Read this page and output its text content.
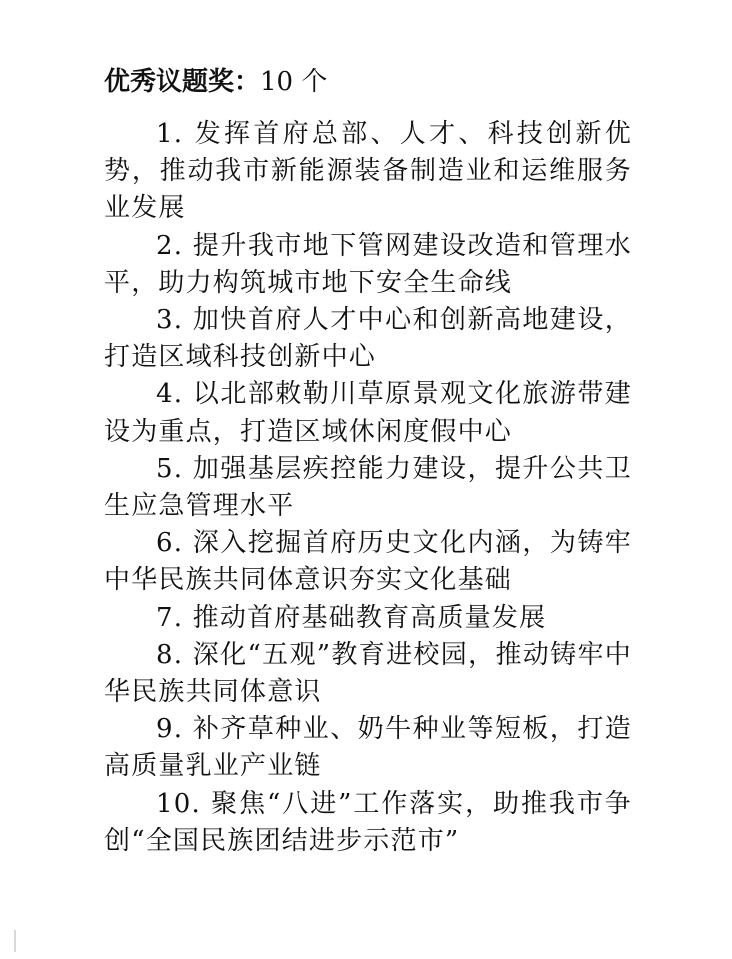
优秀议题奖：10 个

1. 发挥首府总部、人才、科技创新优势，推动我市新能源装备制造业和运维服务业发展

2. 提升我市地下管网建设改造和管理水平，助力构筑城市地下安全生命线

3. 加快首府人才中心和创新高地建设，打造区域科技创新中心

4. 以北部敕勒川草原景观文化旅游带建设为重点，打造区域休闲度假中心

5. 加强基层疾控能力建设，提升公共卫生应急管理水平

6. 深入挖掘首府历史文化内涵，为铸牢中华民族共同体意识夯实文化基础

7. 推动首府基础教育高质量发展

8. 深化“五观”教育进校园，推动铸牢中华民族共同体意识

9. 补齐草种业、奶牛种业等短板，打造高质量乳业产业链

10. 聚焦“八进”工作落实，助推我市争创“全国民族团结进步示范市”
